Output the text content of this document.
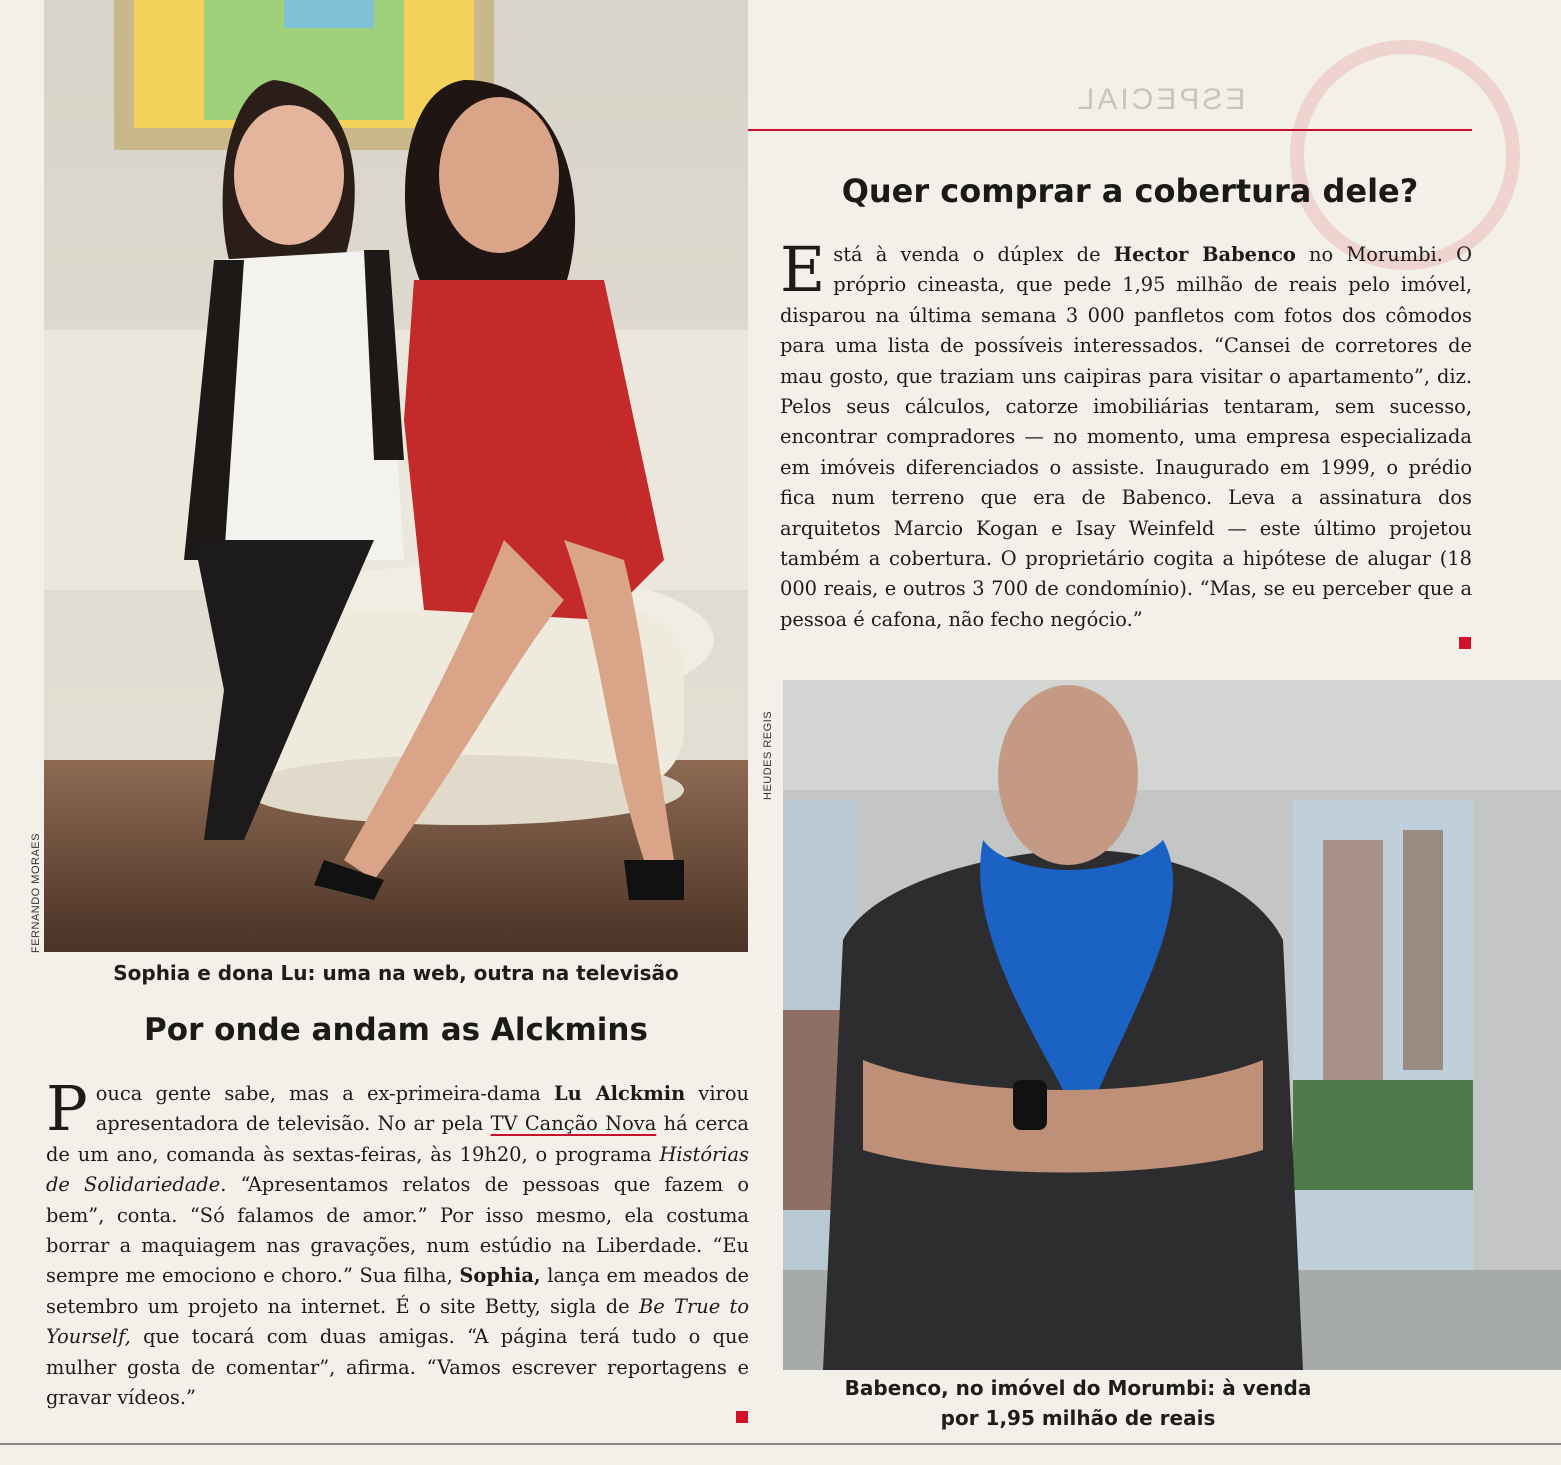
ESPECIAL
FERNANDO MORAES
Sophia e dona Lu: uma na web, outra na televisão
Por onde andam as Alckmins

Pouca gente sabe, mas a ex-primeira-dama Lu Alckmin virou apresentadora de televisão. No ar pela TV Canção Nova há cerca de um ano, comanda às sextas-feiras, às 19h20, o programa Histórias de Solidariedade. “Apresentamos relatos de pessoas que fazem o bem”, conta. “Só falamos de amor.” Por isso mesmo, ela costuma borrar a maquiagem nas gravações, num estúdio na Liberdade. “Eu sempre me emociono e choro.” Sua filha, Sophia, lança em meados de setembro um projeto na internet. É o site Betty, sigla de Be True to Yourself, que tocará com duas amigas. “A página terá tudo o que mulher gosta de comentar”, afirma. “Vamos escrever reportagens e gravar vídeos.”

Quer comprar a cobertura dele?

Está à venda o dúplex de Hector Babenco no Morumbi. O próprio cineasta, que pede 1,95 milhão de reais pelo imóvel, disparou na última semana 3 000 panfletos com fotos dos cômodos para uma lista de possíveis interessados. “Cansei de corretores de mau gosto, que traziam uns caipiras para visitar o apartamento”, diz. Pelos seus cálculos, catorze imobiliárias tentaram, sem sucesso, encontrar compradores — no momento, uma empresa especializada em imóveis diferenciados o assiste. Inaugurado em 1999, o prédio fica num terreno que era de Babenco. Leva a assinatura dos arquitetos Marcio Kogan e Isay Weinfeld — este último projetou também a cobertura. O proprietário cogita a hipótese de alugar (18 000 reais, e outros 3 700 de condomínio). “Mas, se eu perceber que a pessoa é cafona, não fecho negócio.”

HEUDES REGIS
Babenco, no imóvel do Morumbi: à venda
por 1,95 milhão de reais
